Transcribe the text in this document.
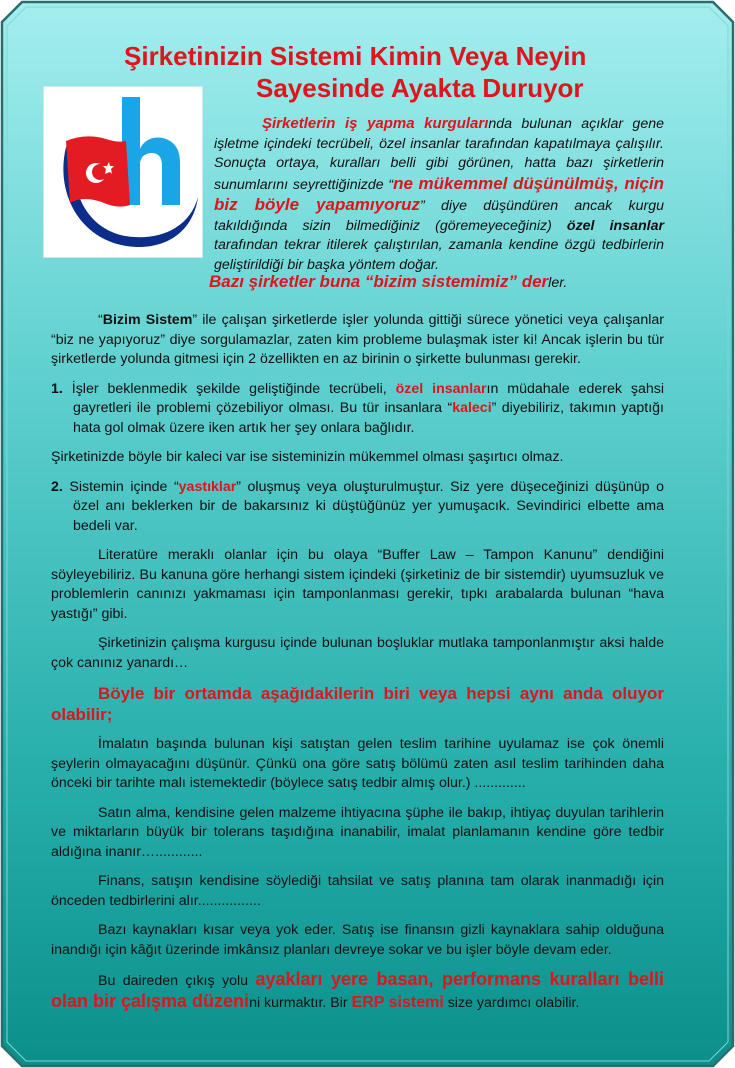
Şirketinizin Sistemi Kimin Veya Neyin
Sayesinde Ayakta Duruyor
Şirketlerin iş yapma kurgularında bulunan açıklar gene işletme içindeki tecrübeli, özel insanlar tarafından kapatılmaya çalışılır. Sonuçta ortaya, kuralları belli gibi görünen, hatta bazı şirketlerin sunumlarını seyrettiğinizde “ne mükemmel düşünülmüş, niçin biz böyle yapamıyoruz” diye düşündüren ancak kurgu takıldığında sizin bilmediğiniz (göremeyeceğiniz) özel insanlar tarafından tekrar itilerek çalıştırılan, zamanla kendine özgü tedbirlerin geliştirildiği bir başka yöntem doğar.
Bazı şirketler buna “bizim sistemimiz” derler.

“Bizim Sistem” ile çalışan şirketlerde işler yolunda gittiği sürece yönetici veya çalışanlar “biz ne yapıyoruz” diye sorgulamazlar, zaten kim probleme bulaşmak ister ki! Ancak işlerin bu tür şirketlerde yolunda gitmesi için 2 özellikten en az birinin o şirkette bulunması gerekir.

1. İşler beklenmedik şekilde geliştiğinde tecrübeli, özel insanların müdahale ederek şahsi gayretleri ile problemi çözebiliyor olması. Bu tür insanlara “kaleci” diyebiliriz, takımın yaptığı hata gol olmak üzere iken artık her şey onlara bağlıdır.

Şirketinizde böyle bir kaleci var ise sisteminizin mükemmel olması şaşırtıcı olmaz.

2. Sistemin içinde “yastıklar” oluşmuş veya oluşturulmuştur. Siz yere düşeceğinizi düşünüp o özel anı beklerken bir de bakarsınız ki düştüğünüz yer yumuşacık. Sevindirici elbette ama bedeli var.

Literatüre meraklı olanlar için bu olaya “Buffer Law – Tampon Kanunu” dendiğini söyleyebiliriz. Bu kanuna göre herhangi sistem içindeki (şirketiniz de bir sistemdir) uyumsuzluk ve problemlerin canınızı yakmaması için tamponlanması gerekir, tıpkı arabalarda bulunan “hava yastığı” gibi.

Şirketinizin çalışma kurgusu içinde bulunan boşluklar mutlaka tamponlanmıştır aksi halde çok canınız yanardı…

Böyle bir ortamda aşağıdakilerin biri veya hepsi aynı anda oluyor olabilir;

İmalatın başında bulunan kişi satıştan gelen teslim tarihine uyulamaz ise çok önemli şeylerin olmayacağını düşünür. Çünkü ona göre satış bölümü zaten asıl teslim tarihinden daha önceki bir tarihte malı istemektedir (böylece satış tedbir almış olur.) .............

Satın alma, kendisine gelen malzeme ihtiyacına şüphe ile bakıp, ihtiyaç duyulan tarihlerin ve miktarların büyük bir tolerans taşıdığına inanabilir, imalat planlamanın kendine göre tedbir aldığına inanır…............

Finans, satışın kendisine söylediği tahsilat ve satış planına tam olarak inanmadığı için önceden tedbirlerini alır................

Bazı kaynakları kısar veya yok eder. Satış ise finansın gizli kaynaklara sahip olduğuna inandığı için kâğıt üzerinde imkânsız planları devreye sokar ve bu işler böyle devam eder.

Bu daireden çıkış yolu ayakları yere basan, performans kuralları belli olan bir çalışma düzenini kurmaktır. Bir ERP sistemi size yardımcı olabilir.
